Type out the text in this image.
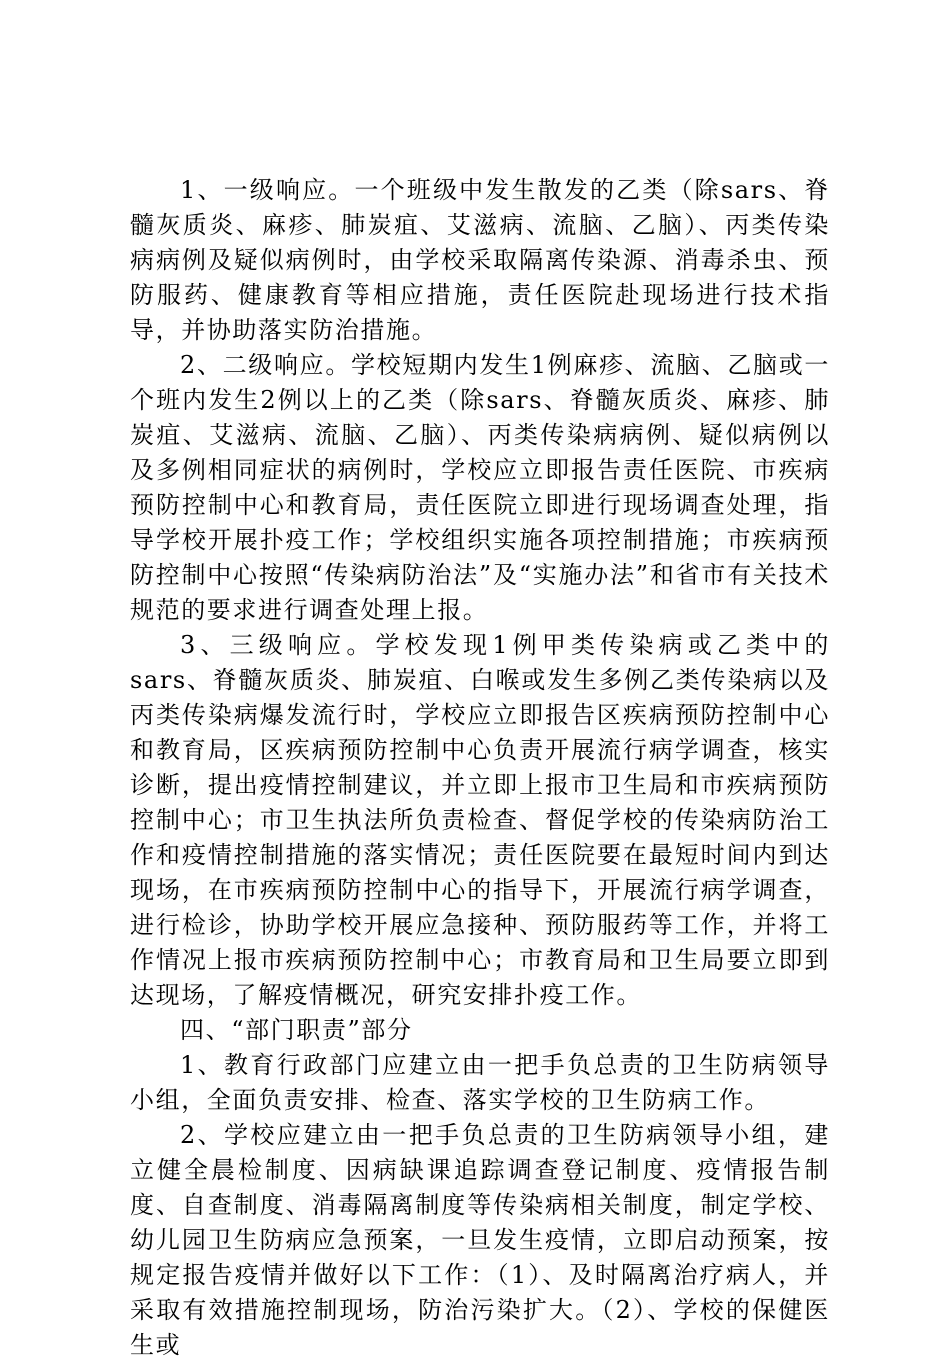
1、一级响应。一个班级中发生散发的乙类（除sars、脊髓灰质炎、麻疹、肺炭疽、艾滋病、流脑、乙脑）、丙类传染病病例及疑似病例时，由学校采取隔离传染源、消毒杀虫、预防服药、健康教育等相应措施，责任医院赴现场进行技术指导，并协助落实防治措施。

2、二级响应。学校短期内发生1例麻疹、流脑、乙脑或一个班内发生2例以上的乙类（除sars、脊髓灰质炎、麻疹、肺炭疽、艾滋病、流脑、乙脑）、丙类传染病病例、疑似病例以及多例相同症状的病例时，学校应立即报告责任医院、市疾病预防控制中心和教育局，责任医院立即进行现场调查处理，指导学校开展扑疫工作；学校组织实施各项控制措施；市疾病预防控制中心按照“传染病防治法”及“实施办法”和省市有关技术规范的要求进行调查处理上报。

3、三级响应。学校发现1例甲类传染病或乙类中的sars、脊髓灰质炎、肺炭疽、白喉或发生多例乙类传染病以及丙类传染病爆发流行时，学校应立即报告区疾病预防控制中心和教育局，区疾病预防控制中心负责开展流行病学调查，核实诊断，提出疫情控制建议，并立即上报市卫生局和市疾病预防控制中心；市卫生执法所负责检查、督促学校的传染病防治工作和疫情控制措施的落实情况；责任医院要在最短时间内到达现场，在市疾病预防控制中心的指导下，开展流行病学调查，进行检诊，协助学校开展应急接种、预防服药等工作，并将工作情况上报市疾病预防控制中心；市教育局和卫生局要立即到达现场，了解疫情概况，研究安排扑疫工作。

四、“部门职责”部分

1、教育行政部门应建立由一把手负总责的卫生防病领导小组，全面负责安排、检查、落实学校的卫生防病工作。

2、学校应建立由一把手负总责的卫生防病领导小组，建立健全晨检制度、因病缺课追踪调查登记制度、疫情报告制度、自查制度、消毒隔离制度等传染病相关制度，制定学校、幼儿园卫生防病应急预案，一旦发生疫情，立即启动预案，按规定报告疫情并做好以下工作：（1）、及时隔离治疗病人，并采取有效措施控制现场，防治污染扩大。（2）、学校的保健医生或
